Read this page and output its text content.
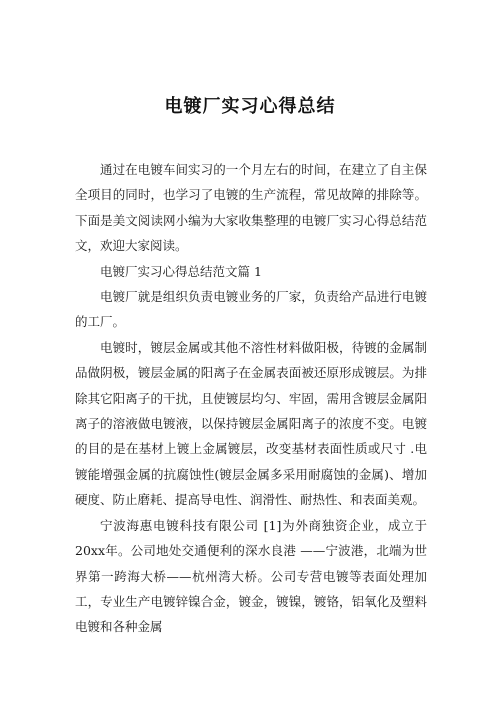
电镀厂实习心得总结

通过在电镀车间实习的一个月左右的时间，在建立了自主保全项目的同时，也学习了电镀的生产流程，常见故障的排除等。下面是美文阅读网小编为大家收集整理的电镀厂实习心得总结范文，欢迎大家阅读。

电镀厂实习心得总结范文篇 1

电镀厂就是组织负责电镀业务的厂家，负责给产品进行电镀的工厂。

电镀时，镀层金属或其他不溶性材料做阳极，待镀的金属制品做阴极，镀层金属的阳离子在金属表面被还原形成镀层。为排除其它阳离子的干扰，且使镀层均匀、牢固，需用含镀层金属阳离子的溶液做电镀液，以保持镀层金属阳离子的浓度不变。电镀的目的是在基材上镀上金属镀层，改变基材表面性质或尺寸 .电镀能增强金属的抗腐蚀性(镀层金属多采用耐腐蚀的金属)、增加硬度、防止磨耗、提高导电性、润滑性、耐热性、和表面美观。

宁波海惠电镀科技有限公司 [1]为外商独资企业，成立于 20xx年。公司地处交通便利的深水良港 ——宁波港，北端为世界第一跨海大桥——杭州湾大桥。公司专营电镀等表面处理加工，专业生产电镀锌镍合金，镀金，镀镍，镀铬，铝氧化及塑料电镀和各种金属
